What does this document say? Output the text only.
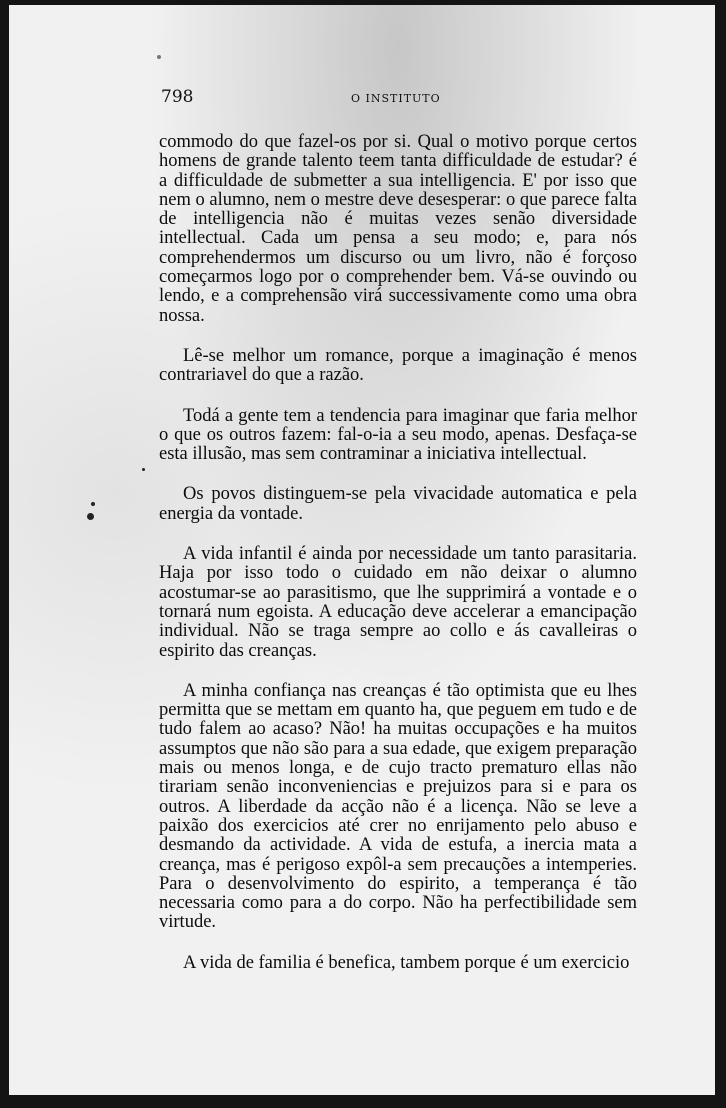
798	O INSTITUTO

commodo do que fazel-os por si. Qual o motivo porque certos homens de grande talento teem tanta difficuldade de estudar? é a difficuldade de submetter a sua intelligencia. E' por isso que nem o alumno, nem o mestre deve desesperar: o que parece falta de intelligencia não é muitas vezes senão diversidade intellectual. Cada um pensa a seu modo; e, para nós comprehendermos um discurso ou um livro, não é forçoso começarmos logo por o comprehender bem. Vá-se ouvindo ou lendo, e a comprehensão virá successivamente como uma obra nossa.

Lê-se melhor um romance, porque a imaginação é menos contrariavel do que a razão.

Todá a gente tem a tendencia para imaginar que faria melhor o que os outros fazem: fal-o-ia a seu modo, apenas. Desfaça-se esta illusão, mas sem contraminar a iniciativa intellectual.

Os povos distinguem-se pela vivacidade automatica e pela energia da vontade.

A vida infantil é ainda por necessidade um tanto parasitaria. Haja por isso todo o cuidado em não deixar o alumno acostumar-se ao parasitismo, que lhe supprimirá a vontade e o tornará num egoista. A educação deve accelerar a emancipação individual. Não se traga sempre ao collo e ás cavalleiras o espirito das creanças.

A minha confiança nas creanças é tão optimista que eu lhes permitta que se mettam em quanto ha, que peguem em tudo e de tudo falem ao acaso? Não! ha muitas occupações e ha muitos assumptos que não são para a sua edade, que exigem preparação mais ou menos longa, e de cujo tracto prematuro ellas não tirariam senão inconveniencias e prejuizos para si e para os outros. A liberdade da acção não é a licença. Não se leve a paixão dos exercicios até crer no enrijamento pelo abuso e desmando da actividade. A vida de estufa, a inercia mata a creança, mas é perigoso expôl-a sem precauções a intemperies. Para o desenvolvimento do espirito, a temperança é tão necessaria como para a do corpo. Não ha perfectibilidade sem virtude.

A vida de familia é benefica, tambem porque é um exercicio
